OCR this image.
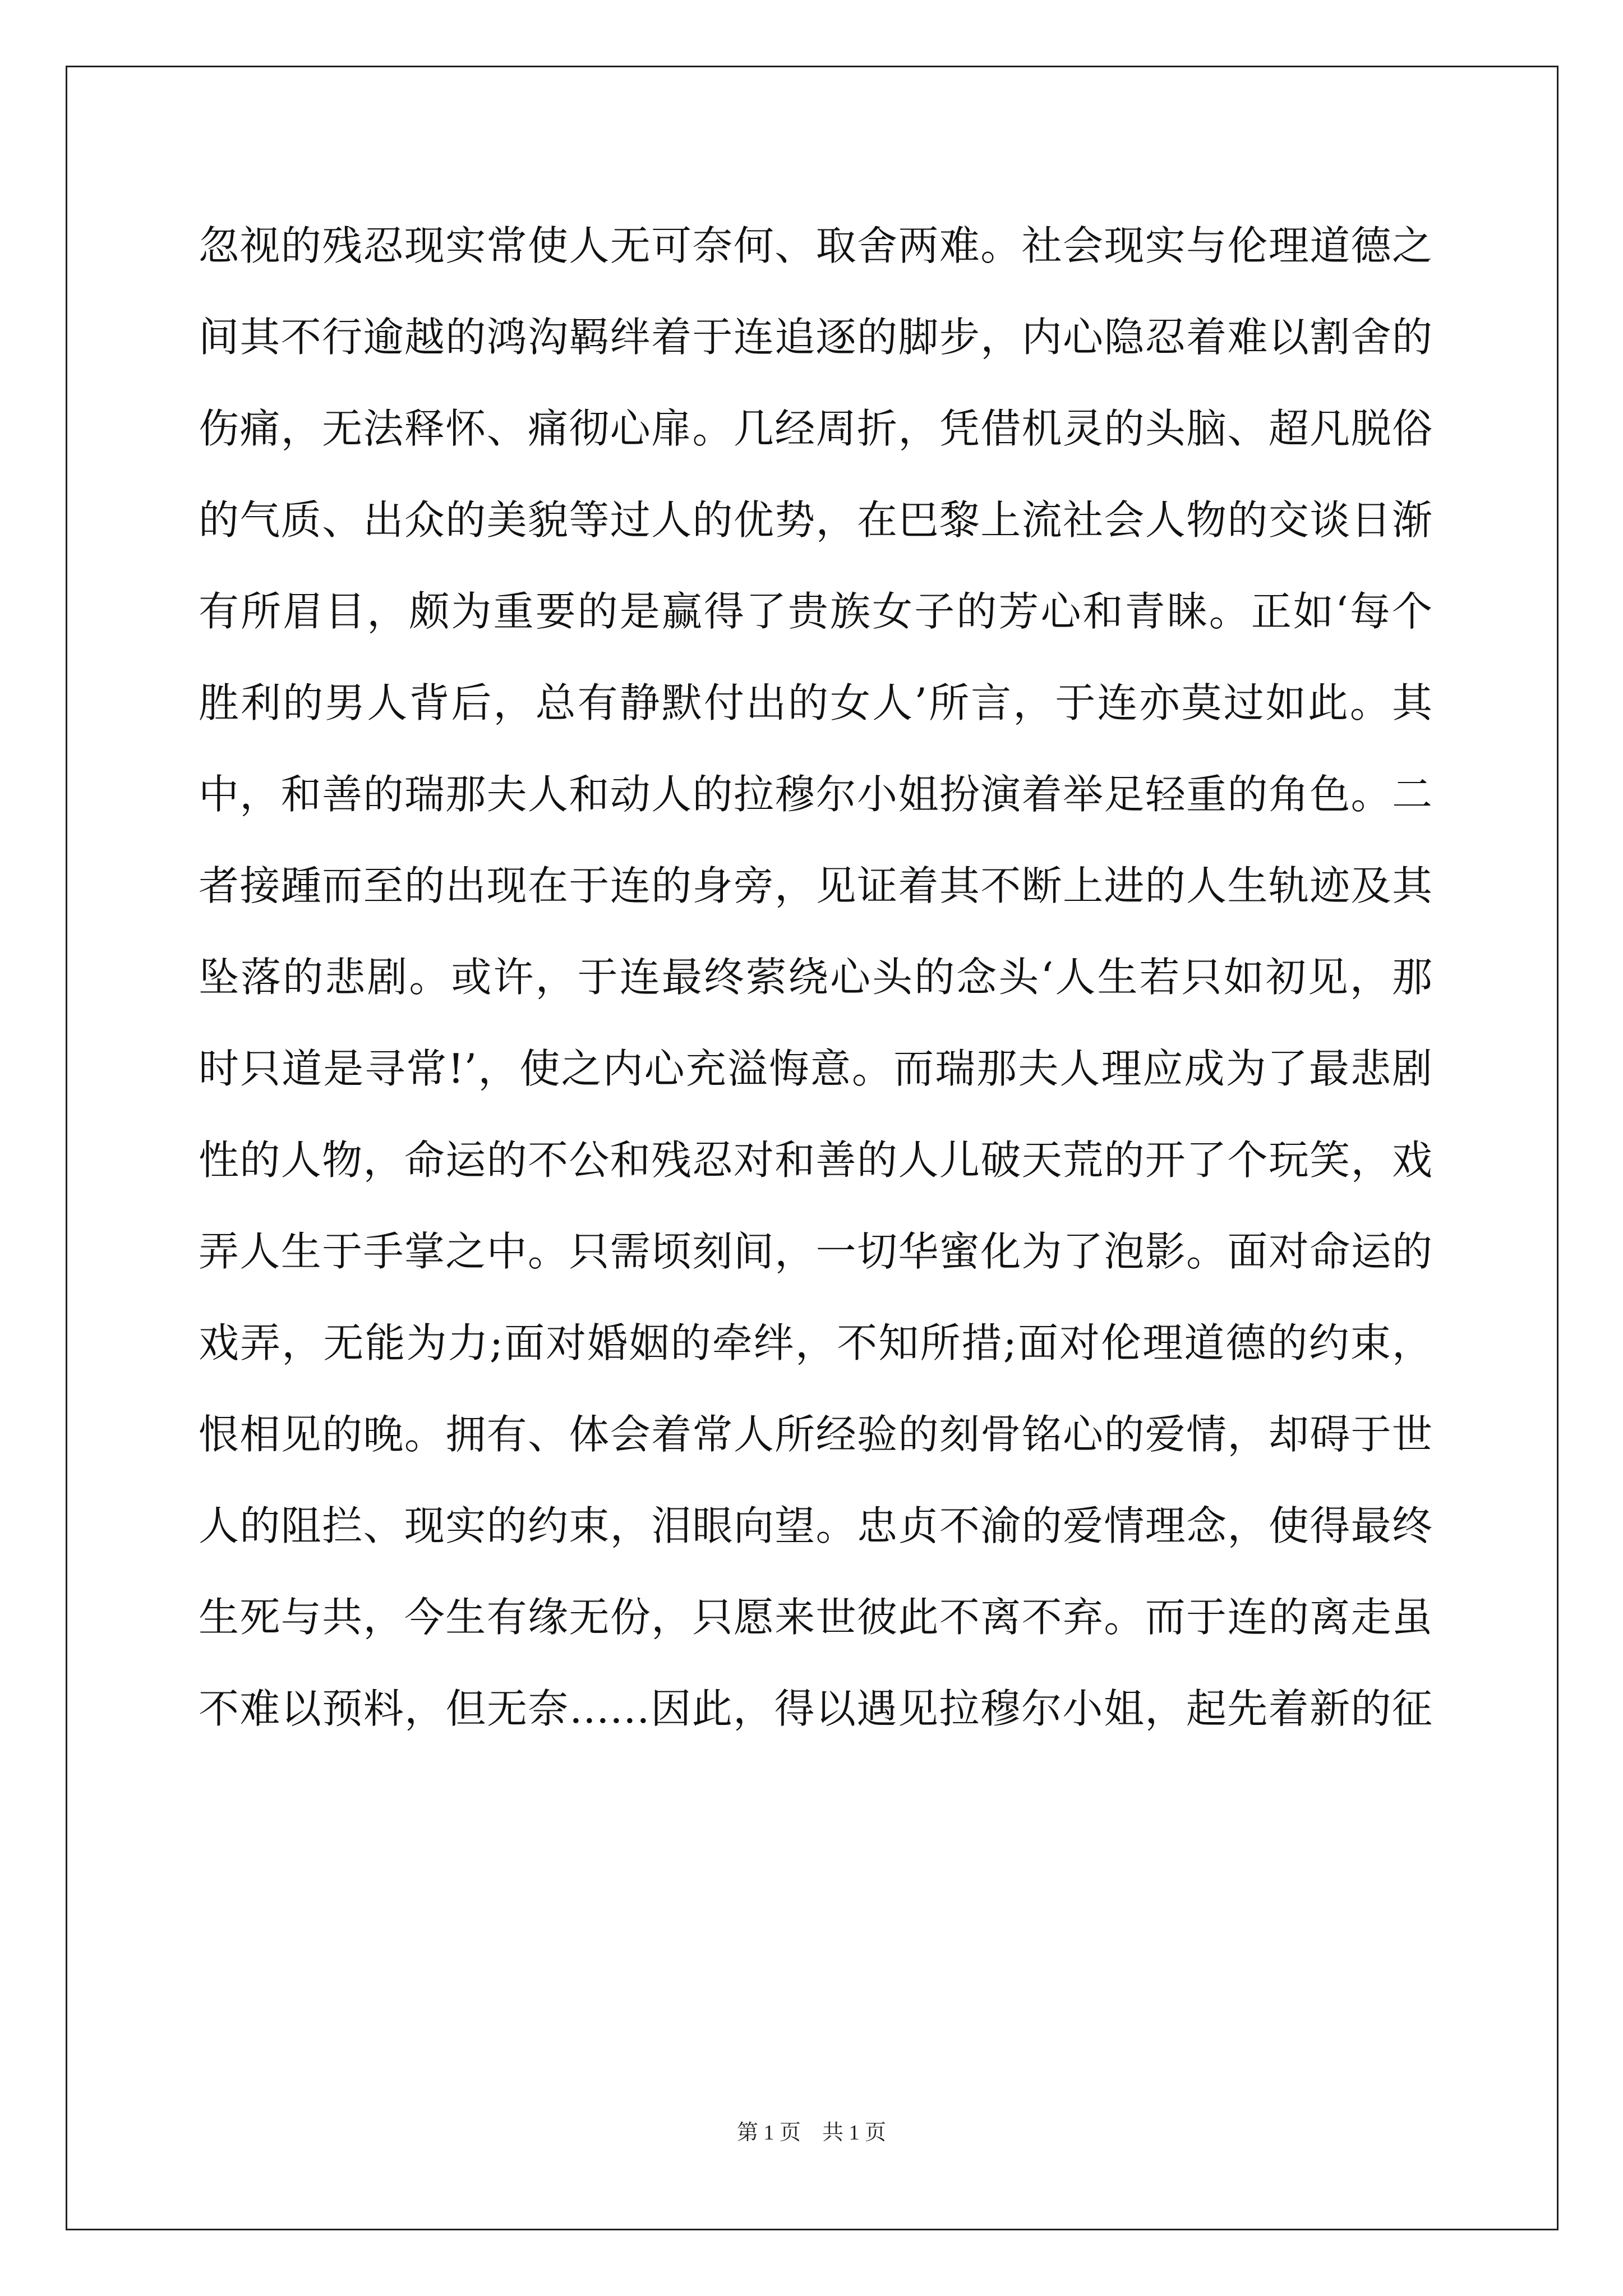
忽视的残忍现实常使人无可奈何、取舍两难。社会现实与伦理道德之
间其不行逾越的鸿沟羁绊着于连追逐的脚步，内心隐忍着难以割舍的
伤痛，无法释怀、痛彻心扉。几经周折，凭借机灵的头脑、超凡脱俗
的气质、出众的美貌等过人的优势，在巴黎上流社会人物的交谈日渐
有所眉目，颇为重要的是赢得了贵族女子的芳心和青睐。正如‘每个
胜利的男人背后，总有静默付出的女人’所言，于连亦莫过如此。其
中，和善的瑞那夫人和动人的拉穆尔小姐扮演着举足轻重的角色。二
者接踵而至的出现在于连的身旁，见证着其不断上进的人生轨迹及其
坠落的悲剧。或许，于连最终萦绕心头的念头‘人生若只如初见，那
时只道是寻常!’，使之内心充溢悔意。而瑞那夫人理应成为了最悲剧
性的人物，命运的不公和残忍对和善的人儿破天荒的开了个玩笑，戏
弄人生于手掌之中。只需顷刻间，一切华蜜化为了泡影。面对命运的
戏弄，无能为力;面对婚姻的牵绊，不知所措;面对伦理道德的约束，
恨相见的晚。拥有、体会着常人所经验的刻骨铭心的爱情，却碍于世
人的阻拦、现实的约束，泪眼向望。忠贞不渝的爱情理念，使得最终
生死与共，今生有缘无份，只愿来世彼此不离不弃。而于连的离走虽
不难以预料，但无奈……因此，得以遇见拉穆尔小姐，起先着新的征
第 1 页　共 1 页
